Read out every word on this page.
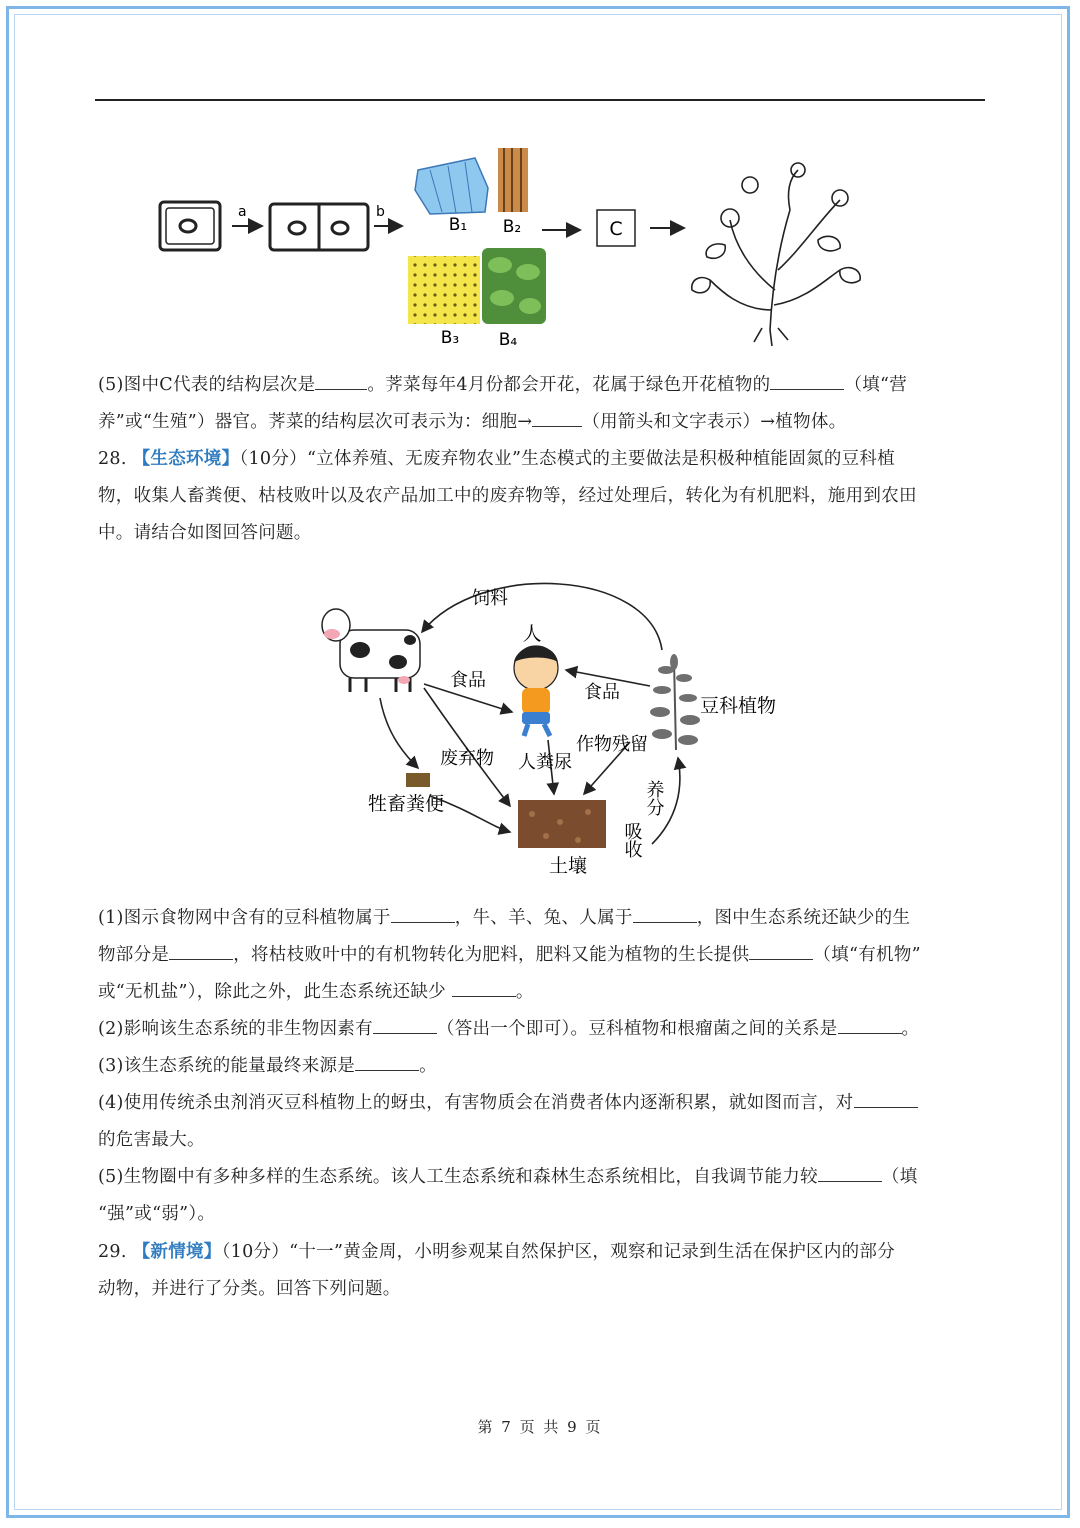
a	b
B₁ B₂
B₃ B₄
C
(5)图中C代表的结构层次是	。荠菜每年4月份都会开花，花属于绿色开花植物的	（填“营
养”或“生殖”）器官。荠菜的结构层次可表示为：细胞→	（用箭头和文字表示）→植物体。
28. 【生态环境】（10分）“立体养殖、无废弃物农业”生态模式的主要做法是积极种植能固氮的豆科植
物，收集人畜粪便、枯枝败叶以及农产品加工中的废弃物等，经过处理后，转化为有机肥料，施用到农田
中。请结合如图回答问题。
人
豆科植物
牲畜粪便
土壤
饲料
食品
食品
废弃物 人粪尿
作物残留
养分
吸收
(1)图示食物网中含有的豆科植物属于	，牛、羊、兔、人属于	，图中生态系统还缺少的生
物部分是	，将枯枝败叶中的有机物转化为肥料，肥料又能为植物的生长提供	（填“有机物”
或“无机盐”），除此之外，此生态系统还缺少	。
(2)影响该生态系统的非生物因素有	（答出一个即可）。豆科植物和根瘤菌之间的关系是	。
(3)该生态系统的能量最终来源是	。
(4)使用传统杀虫剂消灭豆科植物上的蚜虫，有害物质会在消费者体内逐渐积累，就如图而言，对
的危害最大。
(5)生物圈中有多种多样的生态系统。该人工生态系统和森林生态系统相比，自我调节能力较	（填
“强”或“弱”）。
29. 【新情境】（10分）“十一”黄金周，小明参观某自然保护区，观察和记录到生活在保护区内的部分
动物，并进行了分类。回答下列问题。
第 7 页 共 9 页
